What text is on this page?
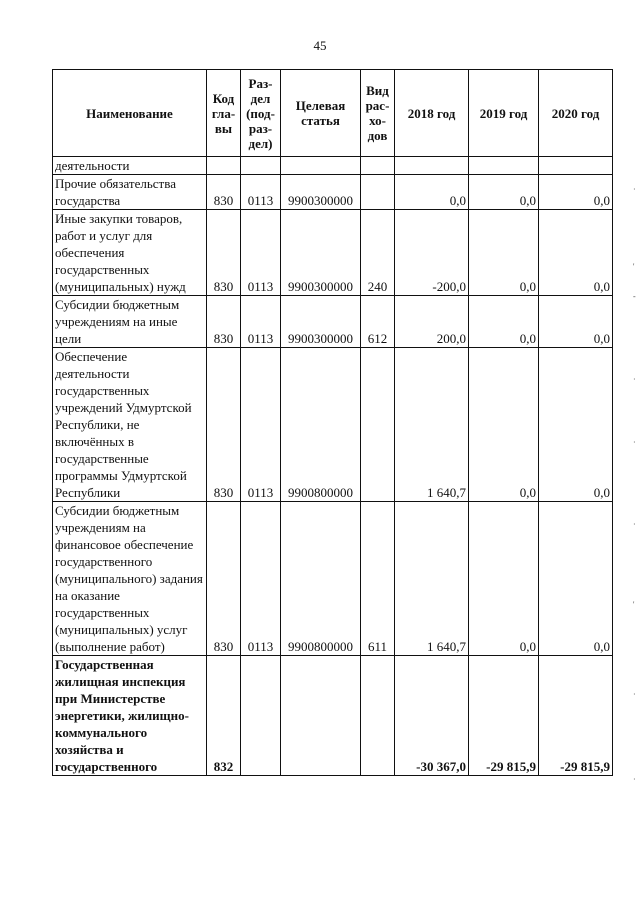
45
Наименование	Код гла-вы	Раз-дел (под-раз-дел)	Целевая статья	Вид рас-хо-дов	2018 год	2019 год	2020 год
деятельности							
Прочие обязательства государства	830	0113	9900300000		0,0	0,0	0,0
Иные закупки товаров, работ и услуг для обеспечения государственных (муниципальных) нужд	830	0113	9900300000	240	-200,0	0,0	0,0
Субсидии бюджетным учреждениям на иные цели	830	0113	9900300000	612	200,0	0,0	0,0
Обеспечение деятельности государственных учреждений Удмуртской Республики, не включённых в государственные программы Удмуртской Республики	830	0113	9900800000		1 640,7	0,0	0,0
Субсидии бюджетным учреждениям на финансовое обеспечение государственного (муниципального) задания на оказание государственных (муниципальных) услуг (выполнение работ)	830	0113	9900800000	611	1 640,7	0,0	0,0
Государственная жилищная инспекция при Министерстве энергетики, жилищно-коммунального хозяйства и государственного	832				-30 367,0	-29 815,9	-29 815,9
·
'
-
·
·
·
'
·
·
